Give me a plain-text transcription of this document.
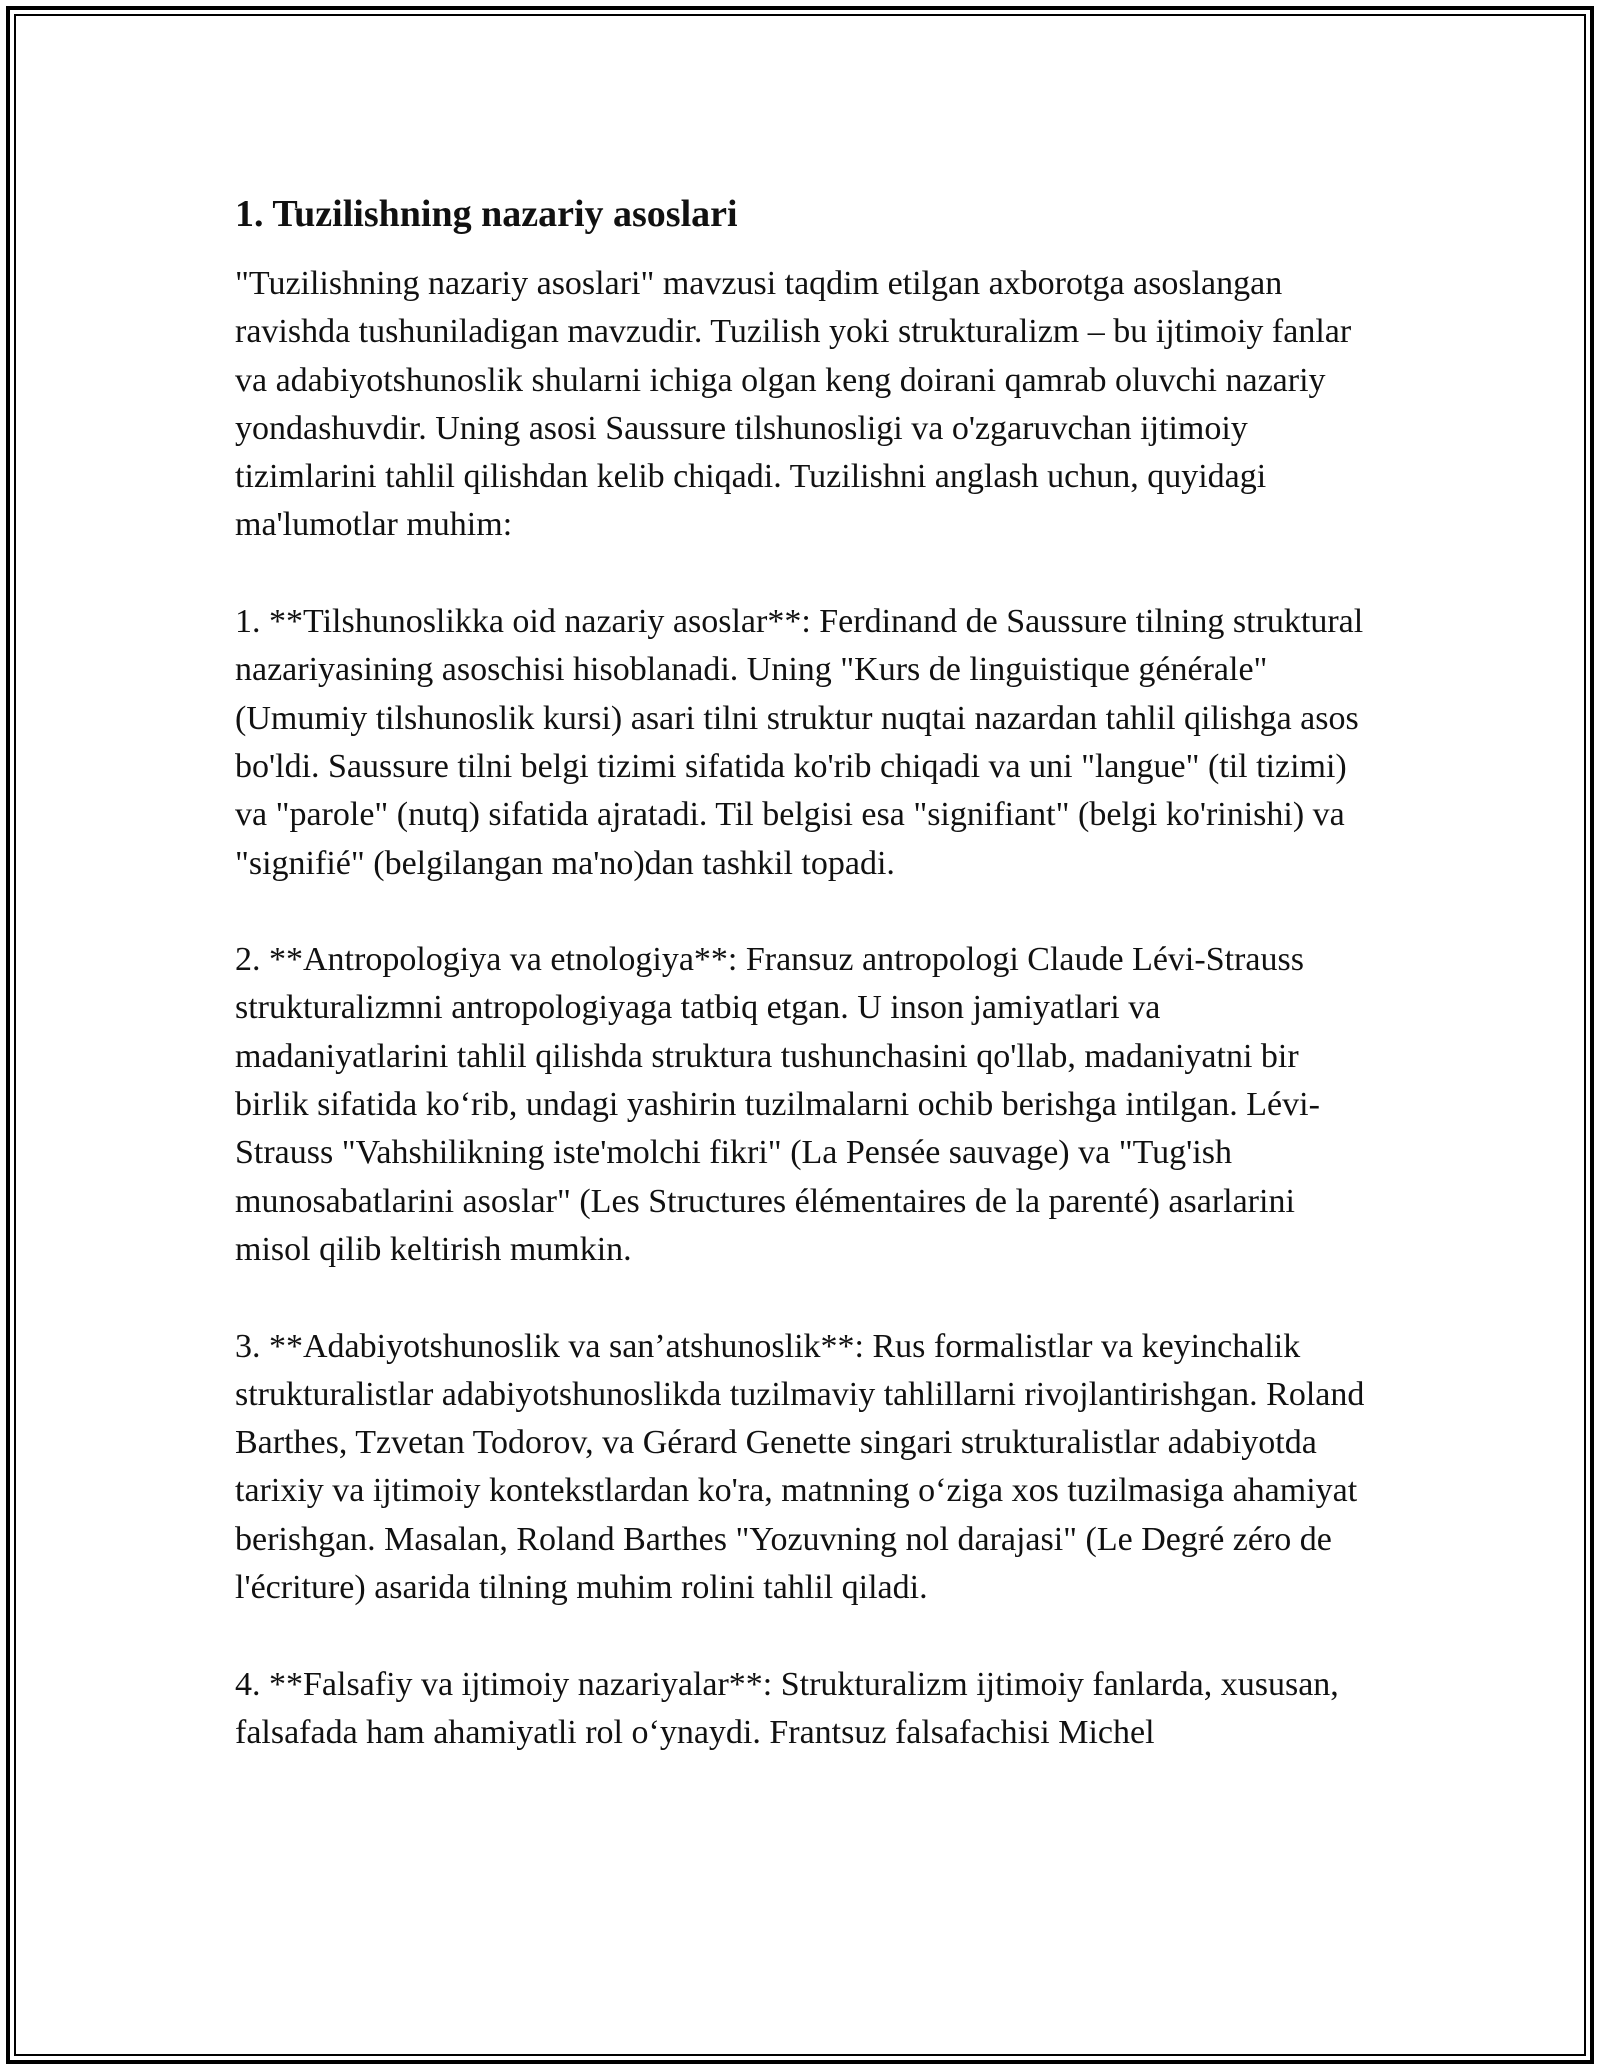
1. Tuzilishning nazariy asoslari

"Tuzilishning nazariy asoslari" mavzusi taqdim etilgan axborotga asoslangan ravishda tushuniladigan mavzudir. Tuzilish yoki strukturalizm – bu ijtimoiy fanlar va adabiyotshunoslik shularni ichiga olgan keng doirani qamrab oluvchi nazariy yondashuvdir. Uning asosi Saussure tilshunosligi va o'zgaruvchan ijtimoiy tizimlarini tahlil qilishdan kelib chiqadi. Tuzilishni anglash uchun, quyidagi ma'lumotlar muhim:

1. **Tilshunoslikka oid nazariy asoslar**: Ferdinand de Saussure tilning struktural nazariyasining asoschisi hisoblanadi. Uning "Kurs de linguistique générale" (Umumiy tilshunoslik kursi) asari tilni struktur nuqtai nazardan tahlil qilishga asos bo'ldi. Saussure tilni belgi tizimi sifatida ko'rib chiqadi va uni "langue" (til tizimi) va "parole" (nutq) sifatida ajratadi. Til belgisi esa "signifiant" (belgi ko'rinishi) va "signifié" (belgilangan ma'no)dan tashkil topadi.

2. **Antropologiya va etnologiya**: Fransuz antropologi Claude Lévi-Strauss strukturalizmni antropologiyaga tatbiq etgan. U inson jamiyatlari va madaniyatlarini tahlil qilishda struktura tushunchasini qo'llab, madaniyatni bir birlik sifatida ko‘rib, undagi yashirin tuzilmalarni ochib berishga intilgan. Lévi-Strauss "Vahshilikning iste'molchi fikri" (La Pensée sauvage) va "Tug'ish munosabatlarini asoslar" (Les Structures élémentaires de la parenté) asarlarini misol qilib keltirish mumkin.

3. **Adabiyotshunoslik va san’atshunoslik**: Rus formalistlar va keyinchalik strukturalistlar adabiyotshunoslikda tuzilmaviy tahlillarni rivojlantirishgan. Roland Barthes, Tzvetan Todorov, va Gérard Genette singari strukturalistlar adabiyotda tarixiy va ijtimoiy kontekstlardan ko'ra, matnning o‘ziga xos tuzilmasiga ahamiyat berishgan. Masalan, Roland Barthes "Yozuvning nol darajasi" (Le Degré zéro de l'écriture) asarida tilning muhim rolini tahlil qiladi.

4. **Falsafiy va ijtimoiy nazariyalar**: Strukturalizm ijtimoiy fanlarda, xususan, falsafada ham ahamiyatli rol o‘ynaydi. Frantsuz falsafachisi Michel
